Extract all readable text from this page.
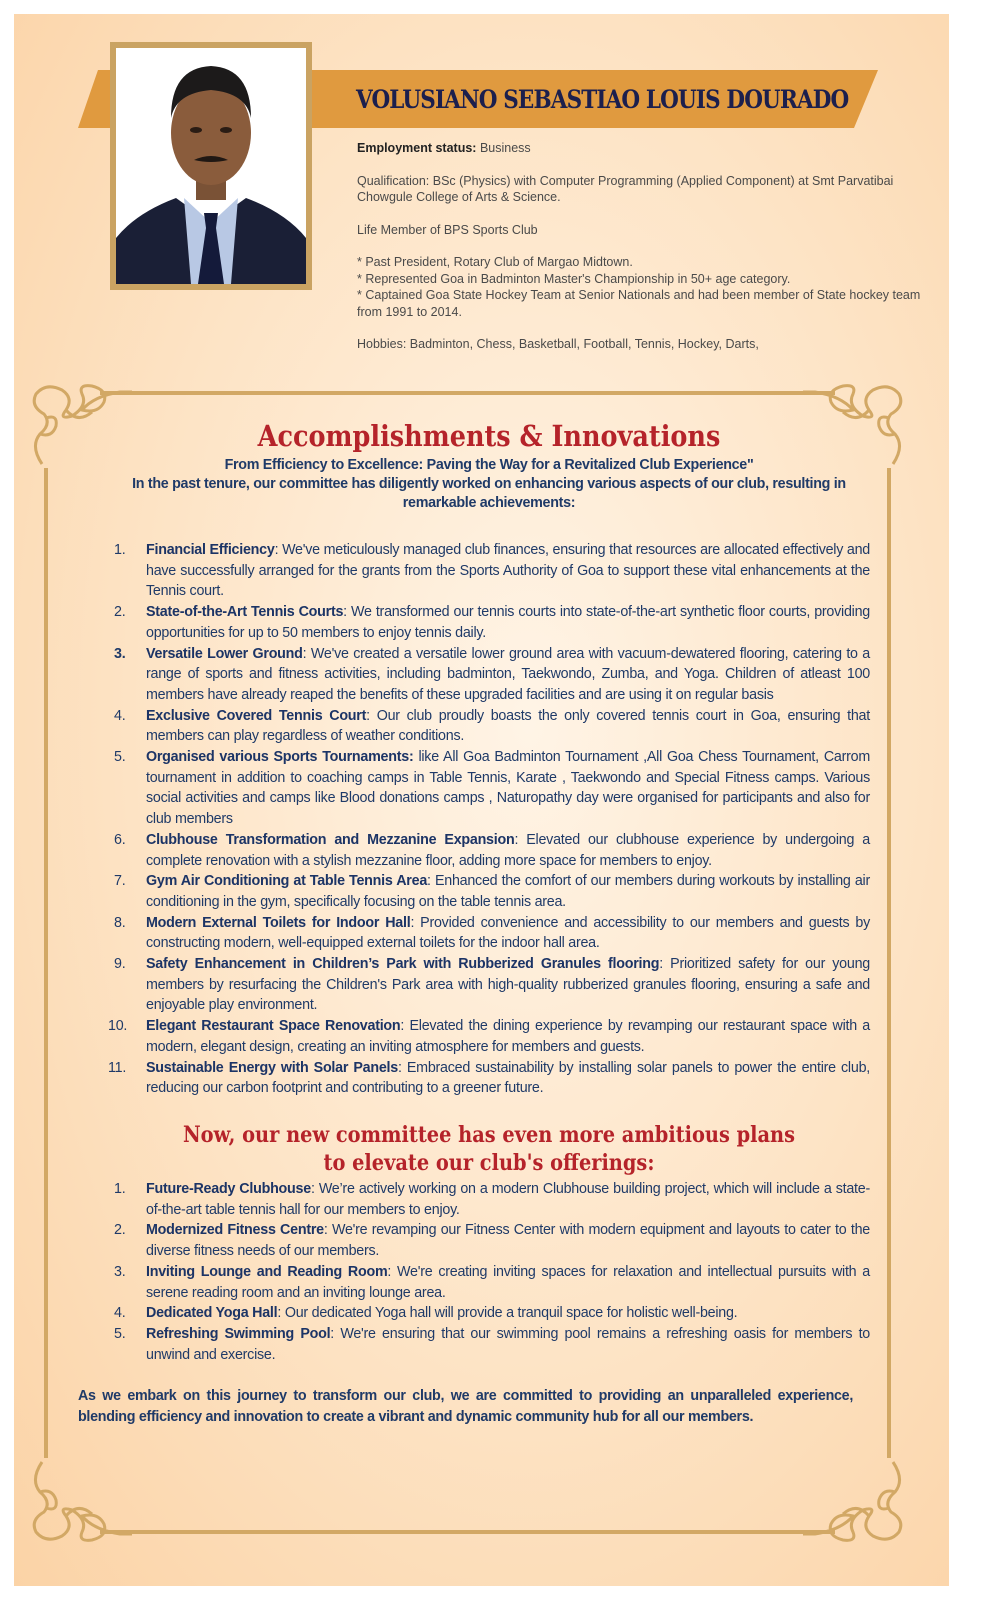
VOLUSIANO SEBASTIAO LOUIS DOURADO

Employment status: Business

Qualification: BSc (Physics) with Computer Programming (Applied Component) at Smt Parvatibai Chowgule College of Arts & Science.

Life Member of BPS Sports Club

* Past President, Rotary Club of Margao Midtown.
* Represented Goa in Badminton Master's Championship in 50+ age category.
* Captained Goa State Hockey Team at Senior Nationals and had been member of State hockey team from 1991 to 2014.

Hobbies: Badminton, Chess, Basketball, Football, Tennis, Hockey, Darts,

Accomplishments & Innovations
From Efficiency to Excellence: Paving the Way for a Revitalized Club Experience"
In the past tenure, our committee has diligently worked on enhancing various aspects of our club, resulting in remarkable achievements:
1. Financial Efficiency: We've meticulously managed club finances, ensuring that resources are allocated effectively and have successfully arranged for the grants from the Sports Authority of Goa to support these vital enhancements at the Tennis court.
2. State-of-the-Art Tennis Courts: We transformed our tennis courts into state-of-the-art synthetic floor courts, providing opportunities for up to 50 members to enjoy tennis daily.
3. Versatile Lower Ground: We've created a versatile lower ground area with vacuum-dewatered flooring, catering to a range of sports and fitness activities, including badminton, Taekwondo, Zumba, and Yoga. Children of atleast 100 members have already reaped the benefits of these upgraded facilities and are using it on regular basis
4. Exclusive Covered Tennis Court: Our club proudly boasts the only covered tennis court in Goa, ensuring that members can play regardless of weather conditions.
5. Organised various Sports Tournaments: like All Goa Badminton Tournament ,All Goa Chess Tournament, Carrom tournament in addition to coaching camps in Table Tennis, Karate , Taekwondo and Special Fitness camps. Various social activities and camps like Blood donations camps , Naturopathy day were organised for participants and also for club members
6. Clubhouse Transformation and Mezzanine Expansion: Elevated our clubhouse experience by undergoing a complete renovation with a stylish mezzanine floor, adding more space for members to enjoy.
7. Gym Air Conditioning at Table Tennis Area: Enhanced the comfort of our members during workouts by installing air conditioning in the gym, specifically focusing on the table tennis area.
8. Modern External Toilets for Indoor Hall: Provided convenience and accessibility to our members and guests by constructing modern, well-equipped external toilets for the indoor hall area.
9. Safety Enhancement in Children’s Park with Rubberized Granules flooring: Prioritized safety for our young members by resurfacing the Children's Park area with high-quality rubberized granules flooring, ensuring a safe and enjoyable play environment.
10. Elegant Restaurant Space Renovation: Elevated the dining experience by revamping our restaurant space with a modern, elegant design, creating an inviting atmosphere for members and guests.
11. Sustainable Energy with Solar Panels: Embraced sustainability by installing solar panels to power the entire club, reducing our carbon footprint and contributing to a greener future.
Now, our new committee has even more ambitious plans
to elevate our club's offerings:
1. Future-Ready Clubhouse: We’re actively working on a modern Clubhouse building project, which will include a state-of-the-art table tennis hall for our members to enjoy.
2. Modernized Fitness Centre: We're revamping our Fitness Center with modern equipment and layouts to cater to the diverse fitness needs of our members.
3. Inviting Lounge and Reading Room: We're creating inviting spaces for relaxation and intellectual pursuits with a serene reading room and an inviting lounge area.
4. Dedicated Yoga Hall: Our dedicated Yoga hall will provide a tranquil space for holistic well-being.
5. Refreshing Swimming Pool: We're ensuring that our swimming pool remains a refreshing oasis for members to unwind and exercise.

As we embark on this journey to transform our club, we are committed to providing an unparalleled experience, blending efficiency and innovation to create a vibrant and dynamic community hub for all our members.
